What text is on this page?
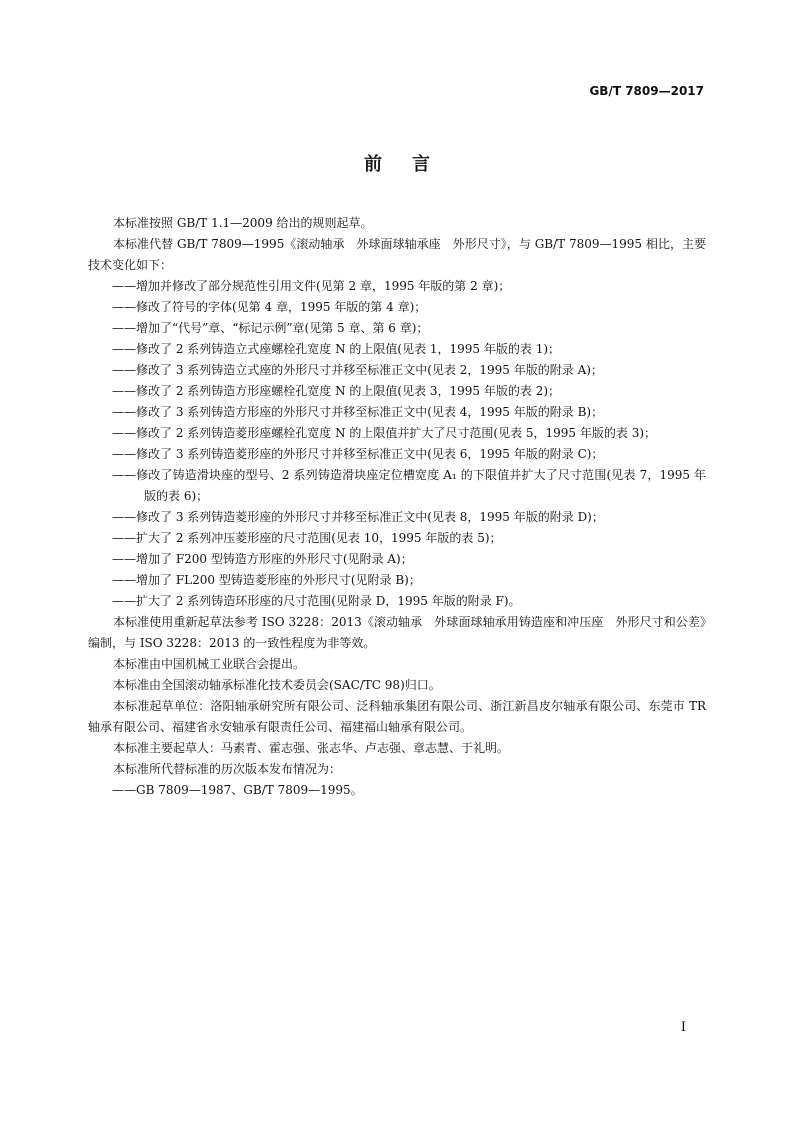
GB/T 7809—2017
前言

本标准按照 GB/T 1.1—2009 给出的规则起草。

本标准代替 GB/T 7809—1995《滚动轴承　外球面球轴承座　外形尺寸》，与 GB/T 7809—1995 相比，主要技术变化如下：

——增加并修改了部分规范性引用文件(见第 2 章，1995 年版的第 2 章)；

——修改了符号的字体(见第 4 章，1995 年版的第 4 章)；

——增加了“代号”章、“标记示例”章(见第 5 章、第 6 章)；

——修改了 2 系列铸造立式座螺栓孔宽度 N 的上限值(见表 1，1995 年版的表 1)；

——修改了 3 系列铸造立式座的外形尺寸并移至标准正文中(见表 2，1995 年版的附录 A)；

——修改了 2 系列铸造方形座螺栓孔宽度 N 的上限值(见表 3，1995 年版的表 2)；

——修改了 3 系列铸造方形座的外形尺寸并移至标准正文中(见表 4，1995 年版的附录 B)；

——修改了 2 系列铸造菱形座螺栓孔宽度 N 的上限值并扩大了尺寸范围(见表 5，1995 年版的表 3)；

——修改了 3 系列铸造菱形座的外形尺寸并移至标准正文中(见表 6，1995 年版的附录 C)；

——修改了铸造滑块座的型号、2 系列铸造滑块座定位槽宽度 A₁ 的下限值并扩大了尺寸范围(见表 7，1995 年版的表 6)；

——修改了 3 系列铸造菱形座的外形尺寸并移至标准正文中(见表 8，1995 年版的附录 D)；

——扩大了 2 系列冲压菱形座的尺寸范围(见表 10，1995 年版的表 5)；

——增加了 F200 型铸造方形座的外形尺寸(见附录 A)；

——增加了 FL200 型铸造菱形座的外形尺寸(见附录 B)；

——扩大了 2 系列铸造环形座的尺寸范围(见附录 D，1995 年版的附录 F)。

本标准使用重新起草法参考 ISO 3228：2013《滚动轴承　外球面球轴承用铸造座和冲压座　外形尺寸和公差》编制，与 ISO 3228：2013 的一致性程度为非等效。

本标准由中国机械工业联合会提出。

本标准由全国滚动轴承标准化技术委员会(SAC/TC 98)归口。

本标准起草单位：洛阳轴承研究所有限公司、泛科轴承集团有限公司、浙江新昌皮尔轴承有限公司、东莞市 TR 轴承有限公司、福建省永安轴承有限责任公司、福建福山轴承有限公司。

本标准主要起草人：马素青、霍志强、张志华、卢志强、章志慧、于礼明。

本标准所代替标准的历次版本发布情况为：

——GB 7809—1987、GB/T 7809—1995。

I
